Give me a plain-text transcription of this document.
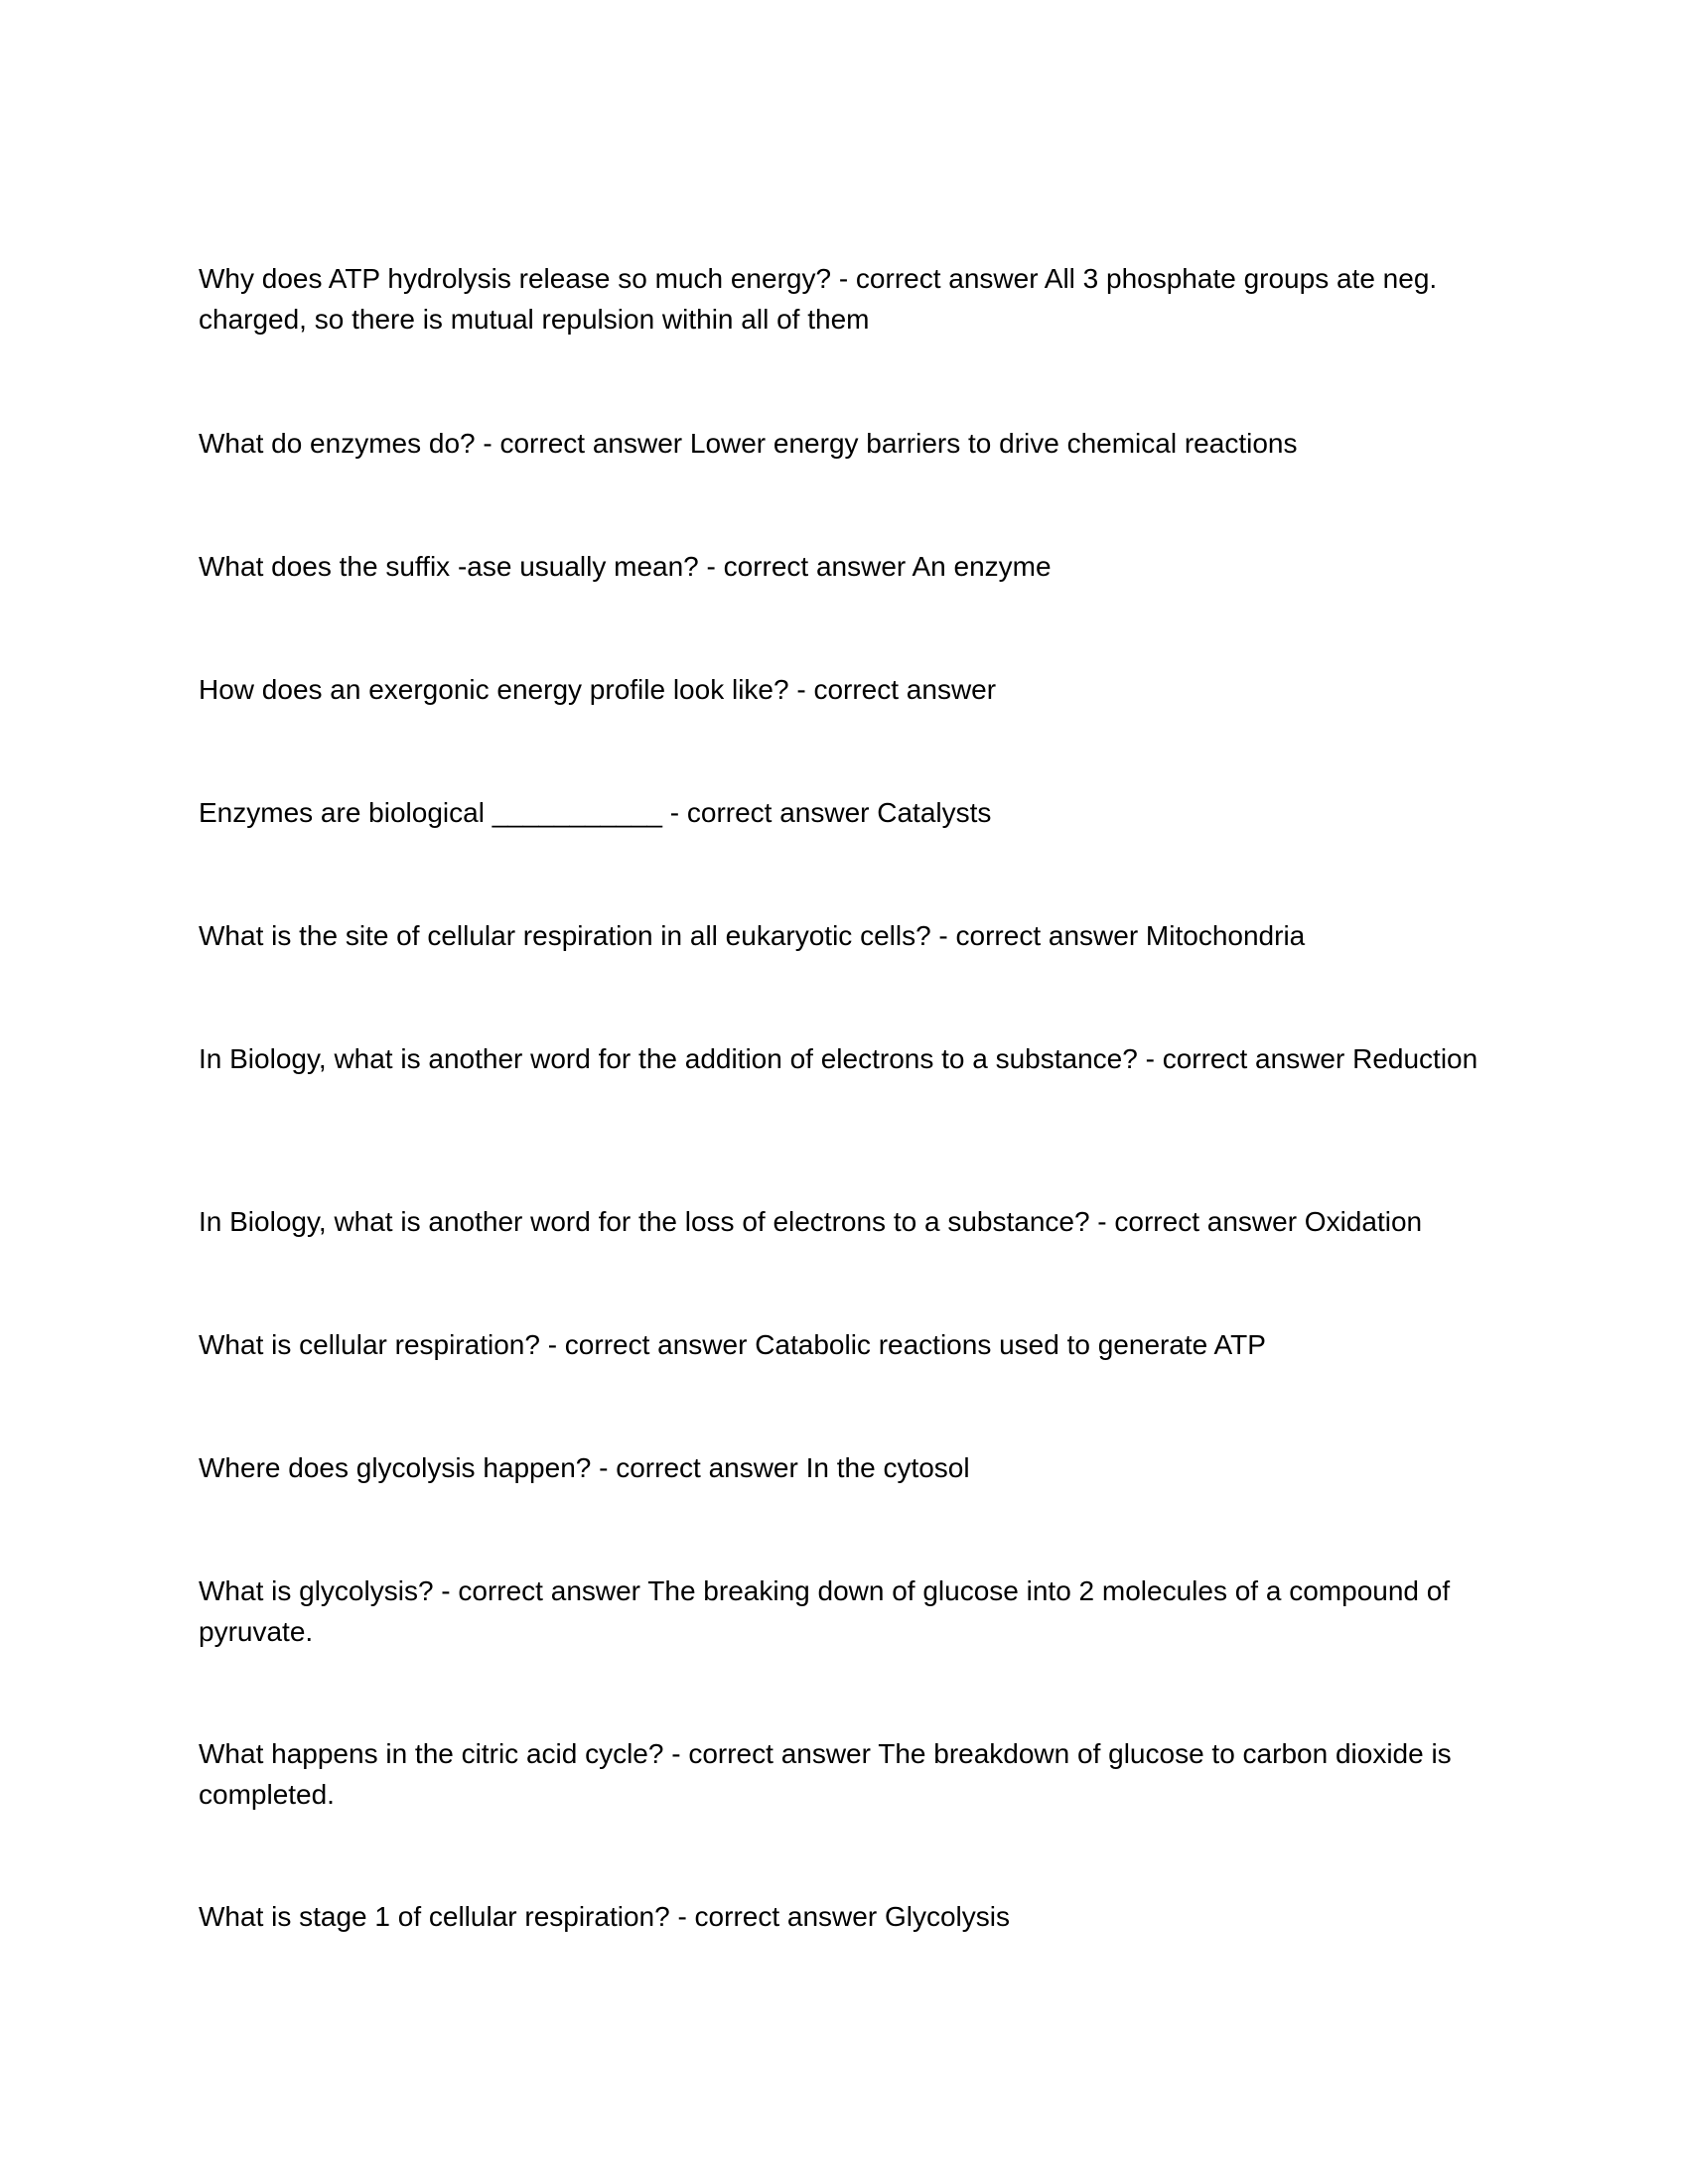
Why does ATP hydrolysis release so much energy? - correct answer All 3 phosphate groups ate neg. charged, so there is mutual repulsion within all of them

What do enzymes do? - correct answer Lower energy barriers to drive chemical reactions

What does the suffix -ase usually mean? - correct answer An enzyme

How does an exergonic energy profile look like? - correct answer

Enzymes are biological ___________ - correct answer Catalysts

What is the site of cellular respiration in all eukaryotic cells? - correct answer Mitochondria

In Biology, what is another word for the addition of electrons to a substance? - correct answer Reduction

In Biology, what is another word for the loss of electrons to a substance? - correct answer Oxidation

What is cellular respiration? - correct answer Catabolic reactions used to generate ATP

Where does glycolysis happen? - correct answer In the cytosol

What is glycolysis? - correct answer The breaking down of glucose into 2 molecules of a compound of pyruvate.

What happens in the citric acid cycle? - correct answer The breakdown of glucose to carbon dioxide is completed.

What is stage 1 of cellular respiration? - correct answer Glycolysis
